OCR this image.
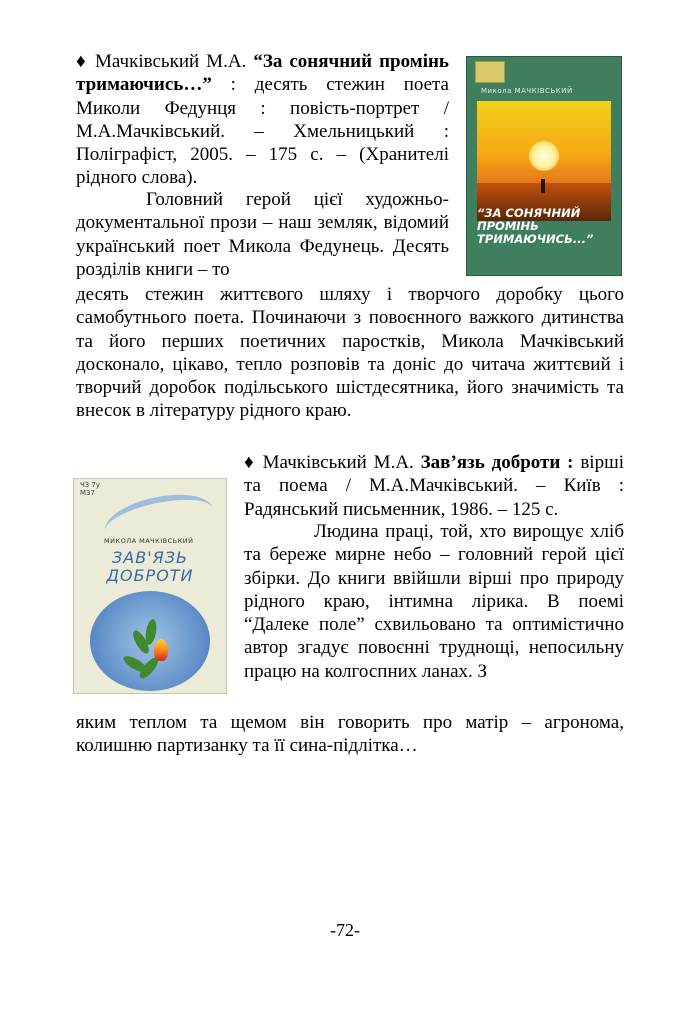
♦ Мачківський М.А. “За сонячний промінь тримаючись…” : десять стежин поета Миколи Федунця : повість-портрет / М.А.Мачківський. – Хмельницький : Поліграфіст, 2005. – 175 с. – (Хранителі рідного слова).

Головний герой цієї художньо-документальної прози – наш земляк, відомий український поет Микола Федунець. Десять розділів книги – то

десять стежин життєвого шляху і творчого доробку цього самобутнього поета. Починаючи з повоєнного важкого дитинства та його перших поетичних паростків, Микола Мачківський досконало, цікаво, тепло розповів та доніс до читача життєвий і творчий доробок подільського шістдесятника, його значимість та внесок в літературу рідного краю.

Микола МАЧКІВСЬКИЙ
“ЗА СОНЯЧНИЙ ПРОМІНЬ ТРИМАЮЧИСЬ...”

♦ Мачківський М.А. Зав’язь доброти : вірші та поема / М.А.Мачківський. – Київ : Радянський письменник, 1986. – 125 с.

Людина праці, той, хто вирощує хліб та береже мирне небо – головний герой цієї збірки. До книги ввійшли вірші про природу рідного краю, інтимна лірика. В поемі “Далеке поле” схвильовано та оптимістично автор згадує повоєнні труднощі, непосильну працю на колгоспних ланах. З

яким теплом та щемом він говорить про матір – агронома, колишню партизанку та її сина-підлітка…

Ч3 7у
М37
МИКОЛА МАЧКІВСЬКИЙ
ЗАВ'ЯЗЬ ДОБРОТИ
-72-
